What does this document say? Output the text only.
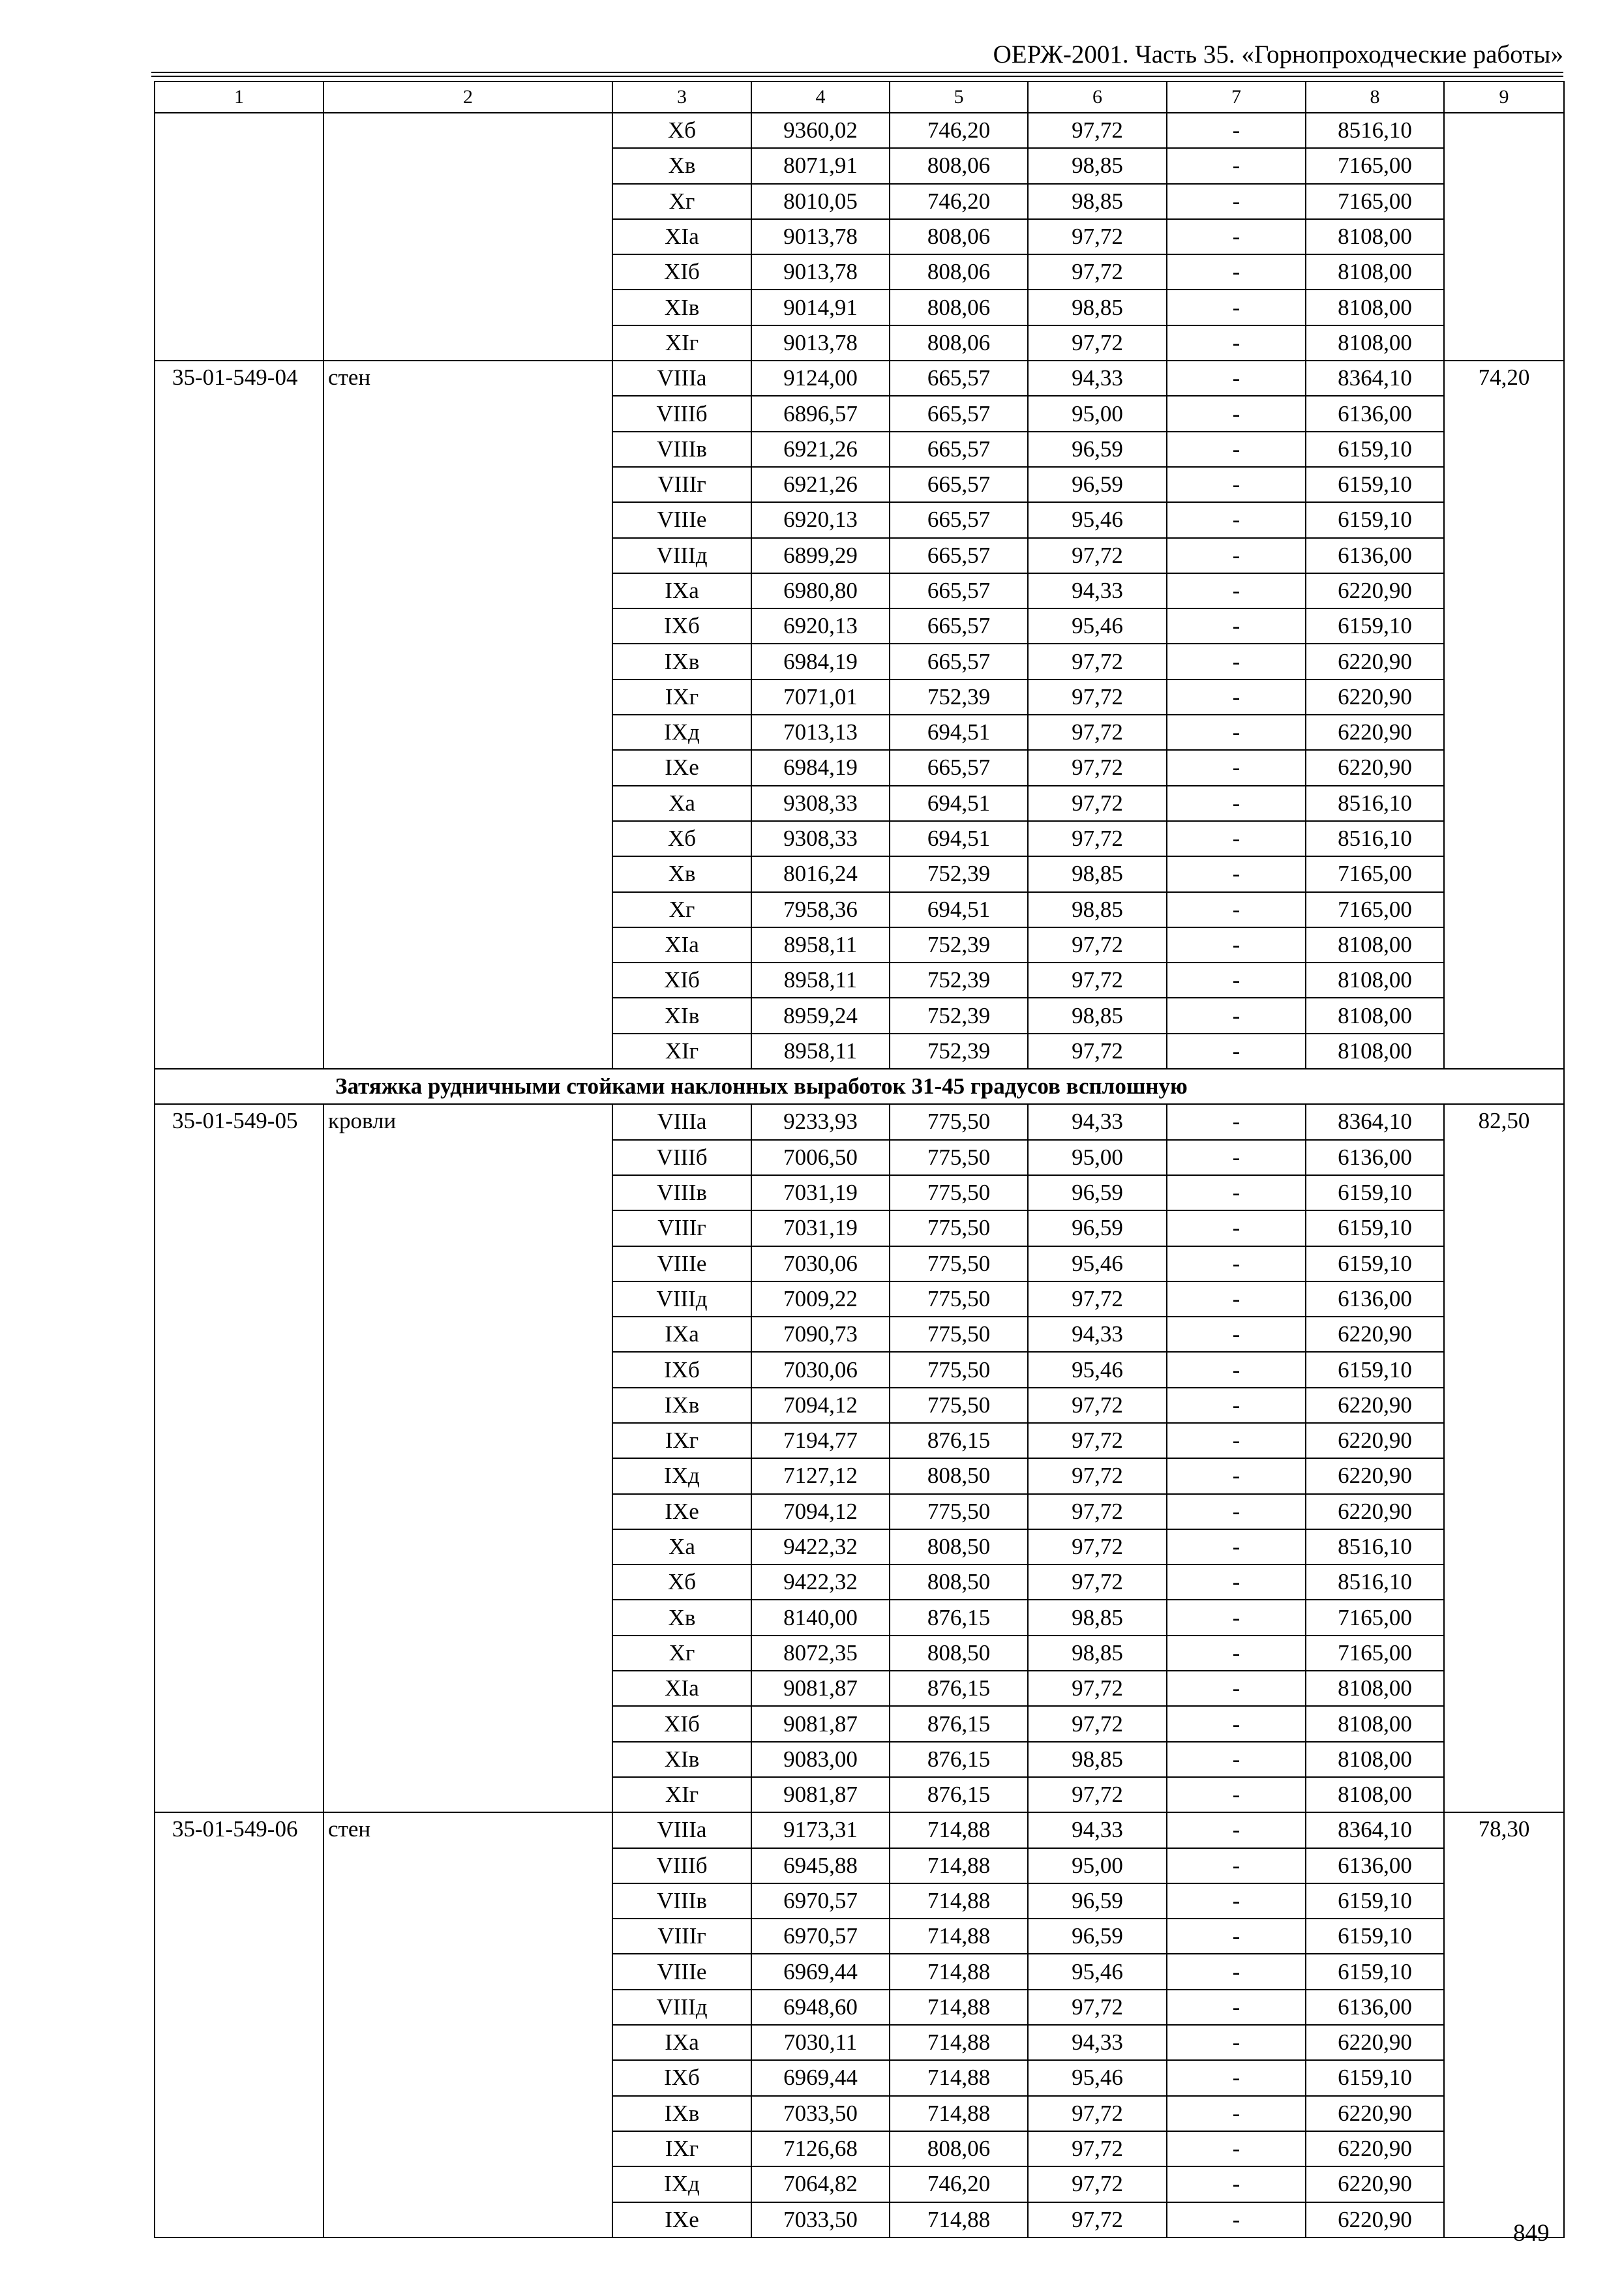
ОЕРЖ-2001. Часть 35. «Горнопроходческие работы»
1	2	3	4	5	6	7	8	9
		Хб	9360,02	746,20	97,72	-	8516,10	
		Хв	8071,91	808,06	98,85	-	7165,00	
		Хг	8010,05	746,20	98,85	-	7165,00	
		ХIа	9013,78	808,06	97,72	-	8108,00	
		ХIб	9013,78	808,06	97,72	-	8108,00	
		ХIв	9014,91	808,06	98,85	-	8108,00	
		ХIг	9013,78	808,06	97,72	-	8108,00	
35-01-549-04	стен	VIIIа	9124,00	665,57	94,33	-	8364,10	74,20
		VIIIб	6896,57	665,57	95,00	-	6136,00	
		VIIIв	6921,26	665,57	96,59	-	6159,10	
		VIIIг	6921,26	665,57	96,59	-	6159,10	
		VIIIе	6920,13	665,57	95,46	-	6159,10	
		VIIIд	6899,29	665,57	97,72	-	6136,00	
		IХа	6980,80	665,57	94,33	-	6220,90	
		IХб	6920,13	665,57	95,46	-	6159,10	
		IХв	6984,19	665,57	97,72	-	6220,90	
		IХг	7071,01	752,39	97,72	-	6220,90	
		IХд	7013,13	694,51	97,72	-	6220,90	
		IХе	6984,19	665,57	97,72	-	6220,90	
		Ха	9308,33	694,51	97,72	-	8516,10	
		Хб	9308,33	694,51	97,72	-	8516,10	
		Хв	8016,24	752,39	98,85	-	7165,00	
		Хг	7958,36	694,51	98,85	-	7165,00	
		ХIа	8958,11	752,39	97,72	-	8108,00	
		ХIб	8958,11	752,39	97,72	-	8108,00	
		ХIв	8959,24	752,39	98,85	-	8108,00	
		ХIг	8958,11	752,39	97,72	-	8108,00	
Затяжка рудничными стойками наклонных выработок 31-45 градусов всплошную								
35-01-549-05	кровли	VIIIа	9233,93	775,50	94,33	-	8364,10	82,50
		VIIIб	7006,50	775,50	95,00	-	6136,00	
		VIIIв	7031,19	775,50	96,59	-	6159,10	
		VIIIг	7031,19	775,50	96,59	-	6159,10	
		VIIIе	7030,06	775,50	95,46	-	6159,10	
		VIIIд	7009,22	775,50	97,72	-	6136,00	
		IХа	7090,73	775,50	94,33	-	6220,90	
		IХб	7030,06	775,50	95,46	-	6159,10	
		IХв	7094,12	775,50	97,72	-	6220,90	
		IХг	7194,77	876,15	97,72	-	6220,90	
		IХд	7127,12	808,50	97,72	-	6220,90	
		IХе	7094,12	775,50	97,72	-	6220,90	
		Ха	9422,32	808,50	97,72	-	8516,10	
		Хб	9422,32	808,50	97,72	-	8516,10	
		Хв	8140,00	876,15	98,85	-	7165,00	
		Хг	8072,35	808,50	98,85	-	7165,00	
		ХIа	9081,87	876,15	97,72	-	8108,00	
		ХIб	9081,87	876,15	97,72	-	8108,00	
		ХIв	9083,00	876,15	98,85	-	8108,00	
		ХIг	9081,87	876,15	97,72	-	8108,00	
35-01-549-06	стен	VIIIа	9173,31	714,88	94,33	-	8364,10	78,30
		VIIIб	6945,88	714,88	95,00	-	6136,00	
		VIIIв	6970,57	714,88	96,59	-	6159,10	
		VIIIг	6970,57	714,88	96,59	-	6159,10	
		VIIIе	6969,44	714,88	95,46	-	6159,10	
		VIIIд	6948,60	714,88	97,72	-	6136,00	
		IХа	7030,11	714,88	94,33	-	6220,90	
		IХб	6969,44	714,88	95,46	-	6159,10	
		IХв	7033,50	714,88	97,72	-	6220,90	
		IХг	7126,68	808,06	97,72	-	6220,90	
		IХд	7064,82	746,20	97,72	-	6220,90	
		IХе	7033,50	714,88	97,72	-	6220,90	
849
